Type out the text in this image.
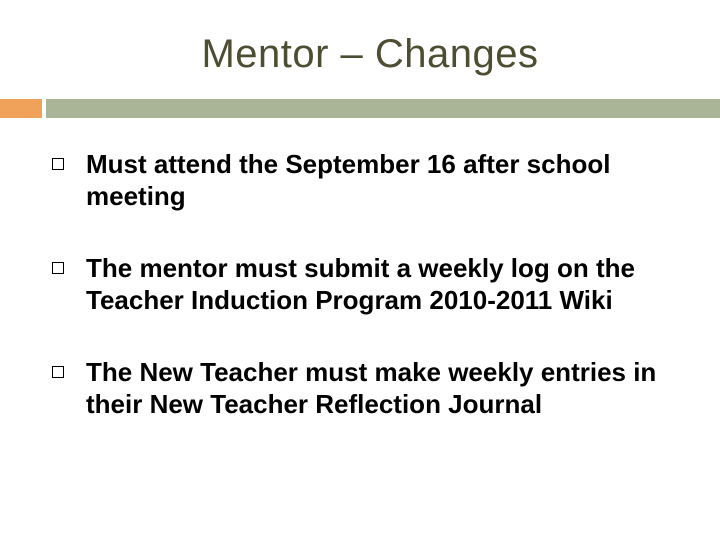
Mentor – Changes
Must attend the September 16 after school meeting
The mentor must submit a weekly log on the Teacher Induction Program 2010-2011 Wiki
The New Teacher must make weekly entries in their New Teacher Reflection Journal
